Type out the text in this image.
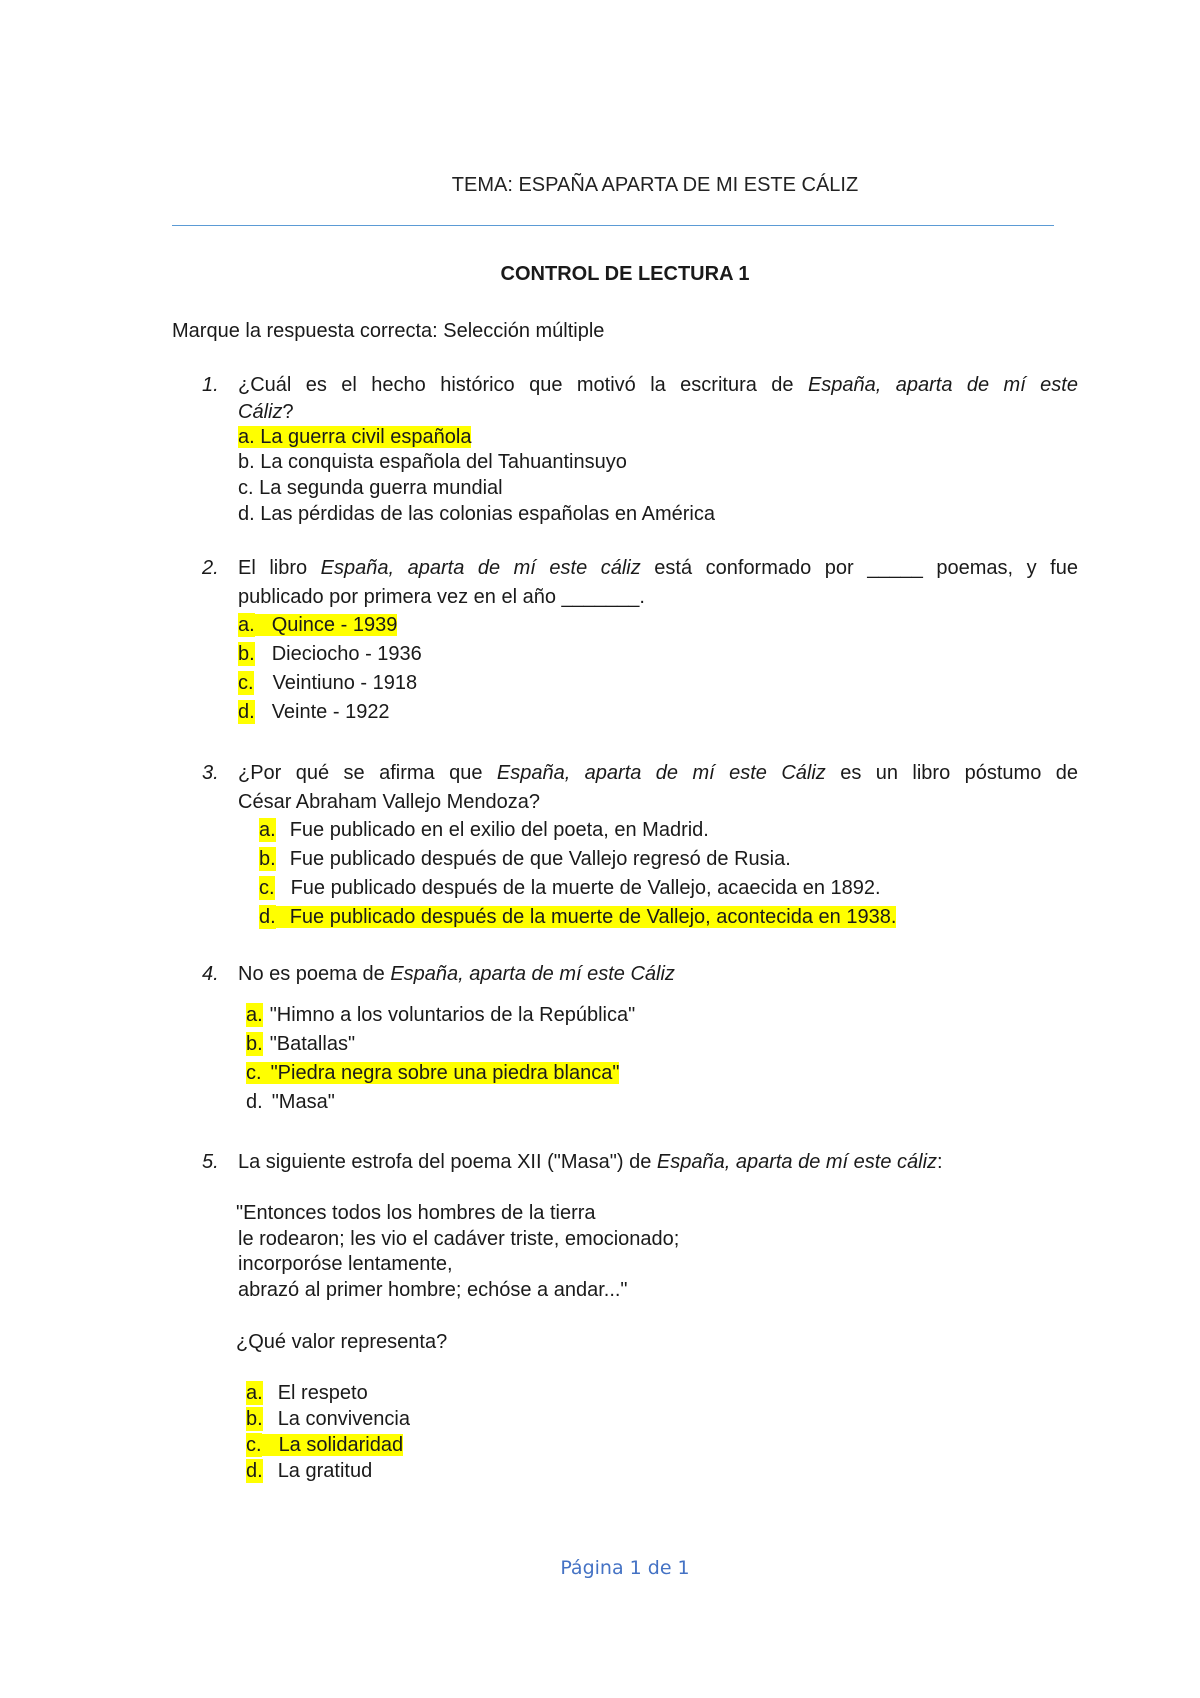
TEMA: ESPAÑA APARTA DE MI ESTE CÁLIZ
CONTROL DE LECTURA 1
Marque la respuesta correcta: Selección múltiple
1. ¿Cuál es el hecho histórico que motivó la escritura de España, aparta de mí este
Cáliz?
a. La guerra civil española
b. La conquista española del Tahuantinsuyo
c. La segunda guerra mundial
d. Las pérdidas de las colonias españolas en América
2. El libro España, aparta de mí este cáliz está conformado por _____ poemas, y fue
publicado por primera vez en el año _______.
a. Quince - 1939
b. Dieciocho - 1936
c. Veintiuno - 1918
d. Veinte - 1922
3. ¿Por qué se afirma que España, aparta de mí este Cáliz es un libro póstumo de
César Abraham Vallejo Mendoza?
a. Fue publicado en el exilio del poeta, en Madrid.
b. Fue publicado después de que Vallejo regresó de Rusia.
c. Fue publicado después de la muerte de Vallejo, acaecida en 1892.
d. Fue publicado después de la muerte de Vallejo, acontecida en 1938.
4. No es poema de España, aparta de mí este Cáliz
a. "Himno a los voluntarios de la República"
b. "Batallas"
c. "Piedra negra sobre una piedra blanca"
d. "Masa"
5. La siguiente estrofa del poema XII ("Masa") de España, aparta de mí este cáliz:
"Entonces todos los hombres de la tierra
le rodearon; les vio el cadáver triste, emocionado;
incorporóse lentamente,
abrazó al primer hombre; echóse a andar..."
¿Qué valor representa?
a. El respeto
b. La convivencia
c. La solidaridad
d. La gratitud
Página 1 de 1
